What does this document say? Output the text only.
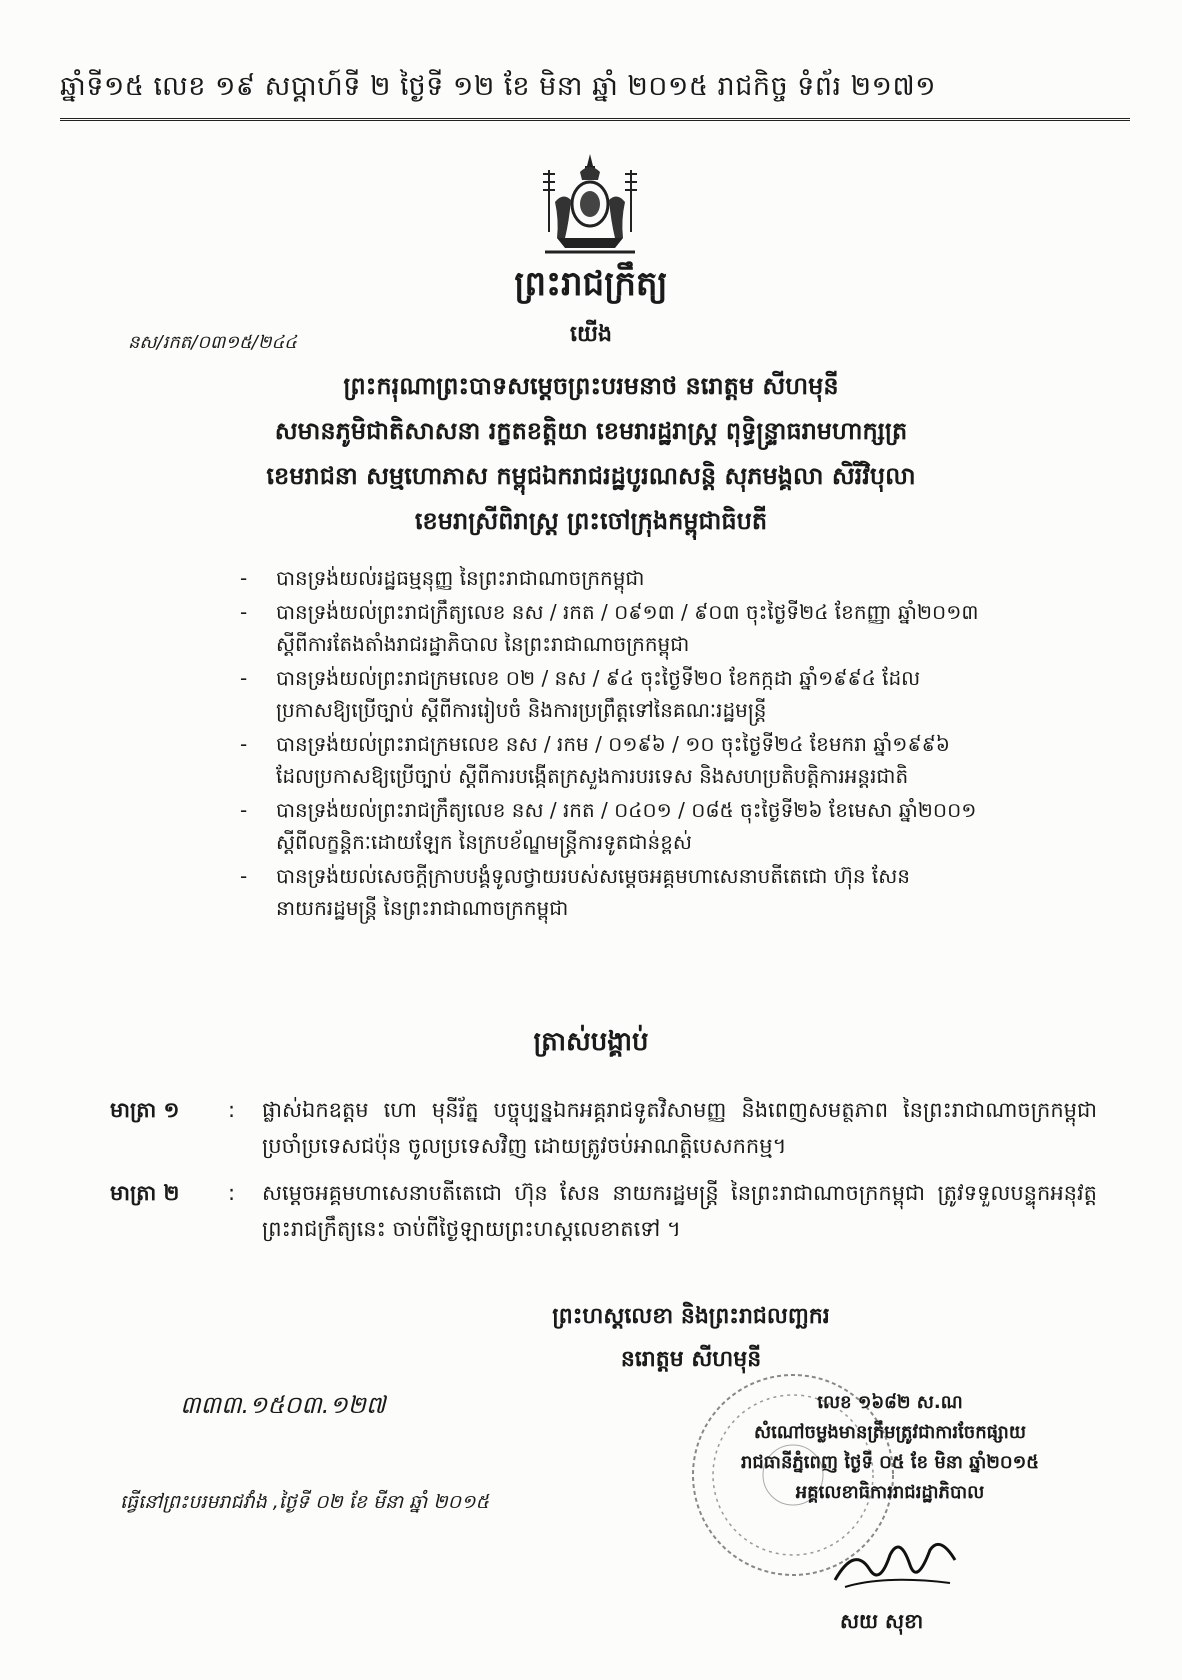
ឆ្នាំទី១៥ លេខ ១៩ សប្តាហ៍ទី ២ ថ្ងៃទី ១២ ខែ មិនា ឆ្នាំ ២០១៥ រាជកិច្ច ទំព័រ ២១៧១
ព្រះរាជក្រឹត្យ
នស/រកត/០៣១៥/២៤៤	យើង
ព្រះករុណាព្រះបាទសម្តេចព្រះបរមនាថ នរោត្តម សីហមុនី
សមានភូមិជាតិសាសនា រក្ខតខត្តិយា ខេមរារដ្ឋរាស្ត្រ ពុទ្ធិន្ទ្រាធរាមហាក្សត្រ
ខេមរាជនា សម្មហោភាស កម្ពុជឯករាជរដ្ឋបូរណសន្តិ សុភមង្គលា សិរីវិបុលា
ខេមរាស្រីពិរាស្ត្រ ព្រះចៅក្រុងកម្ពុជាធិបតី
- បានទ្រង់យល់រដ្ឋធម្មនុញ្ញ នៃព្រះរាជាណាចក្រកម្ពុជា
- បានទ្រង់យល់ព្រះរាជក្រឹត្យលេខ នស / រកត / ០៩១៣ / ៩០៣ ចុះថ្ងៃទី២៤ ខែកញ្ញា ឆ្នាំ២០១៣
ស្តីពីការតែងតាំងរាជរដ្ឋាភិបាល នៃព្រះរាជាណាចក្រកម្ពុជា
- បានទ្រង់យល់ព្រះរាជក្រមលេខ ០២ / នស / ៩៤ ចុះថ្ងៃទី២០ ខែកក្កដា ឆ្នាំ១៩៩៤ ដែល
ប្រកាសឱ្យប្រើច្បាប់ ស្តីពីការរៀបចំ និងការប្រព្រឹត្តទៅនៃគណៈរដ្ឋមន្ត្រី
- បានទ្រង់យល់ព្រះរាជក្រមលេខ នស / រកម / ០១៩៦ / ១០ ចុះថ្ងៃទី២៤ ខែមករា ឆ្នាំ១៩៩៦
ដែលប្រកាសឱ្យប្រើច្បាប់ ស្តីពីការបង្កើតក្រសួងការបរទេស និងសហប្រតិបត្តិការអន្តរជាតិ
- បានទ្រង់យល់ព្រះរាជក្រឹត្យលេខ នស / រកត / ០៤០១ / ០៨៥ ចុះថ្ងៃទី២៦ ខែមេសា ឆ្នាំ២០០១
ស្តីពីលក្ខន្តិកៈដោយឡែក នៃក្របខ័ណ្ឌមន្ត្រីការទូតជាន់ខ្ពស់
- បានទ្រង់យល់សេចក្តីក្រាបបង្គំទូលថ្វាយរបស់សម្តេចអគ្គមហាសេនាបតីតេជោ ហ៊ុន សែន
នាយករដ្ឋមន្ត្រី នៃព្រះរាជាណាចក្រកម្ពុជា
ត្រាស់បង្គាប់
មាត្រា ១	: ផ្លាស់ឯកឧត្តម ហោ មុនីរ័ត្ន បច្ចុប្បន្នឯកអគ្គរាជទូតវិសាមញ្ញ និងពេញសមត្ថភាព នៃព្រះរាជាណាចក្រកម្ពុជា ប្រចាំប្រទេសជប៉ុន ចូលប្រទេសវិញ ដោយត្រូវចប់អាណត្តិបេសកកម្ម។
មាត្រា ២	: សម្តេចអគ្គមហាសេនាបតីតេជោ ហ៊ុន សែន នាយករដ្ឋមន្ត្រី នៃព្រះរាជាណាចក្រកម្ពុជា ត្រូវទទួលបន្ទុកអនុវត្តព្រះរាជក្រឹត្យនេះ ចាប់ពីថ្ងៃឡាយព្រះហស្តលេខាតទៅ ។
ព្រះហស្តលេខា និងព្រះរាជលញ្ឆករ
នរោត្តម សីហមុនី
៣៣៣.១៥០៣.១២៧	លេខ ១៦៨២ ស.ណ
សំណៅចម្លងមានត្រឹមត្រូវជាការចែកផ្សាយ
រាជធានីភ្នំពេញ ថ្ងៃទី ០៥ ខែ មិនា ឆ្នាំ២០១៥
អគ្គលេខាធិការរាជរដ្ឋាភិបាល
ធ្វើនៅព្រះបរមរាជវាំង ,ថ្ងៃទី ០២ ខែ មីនា ឆ្នាំ ២០១៥
សយ សុខា
